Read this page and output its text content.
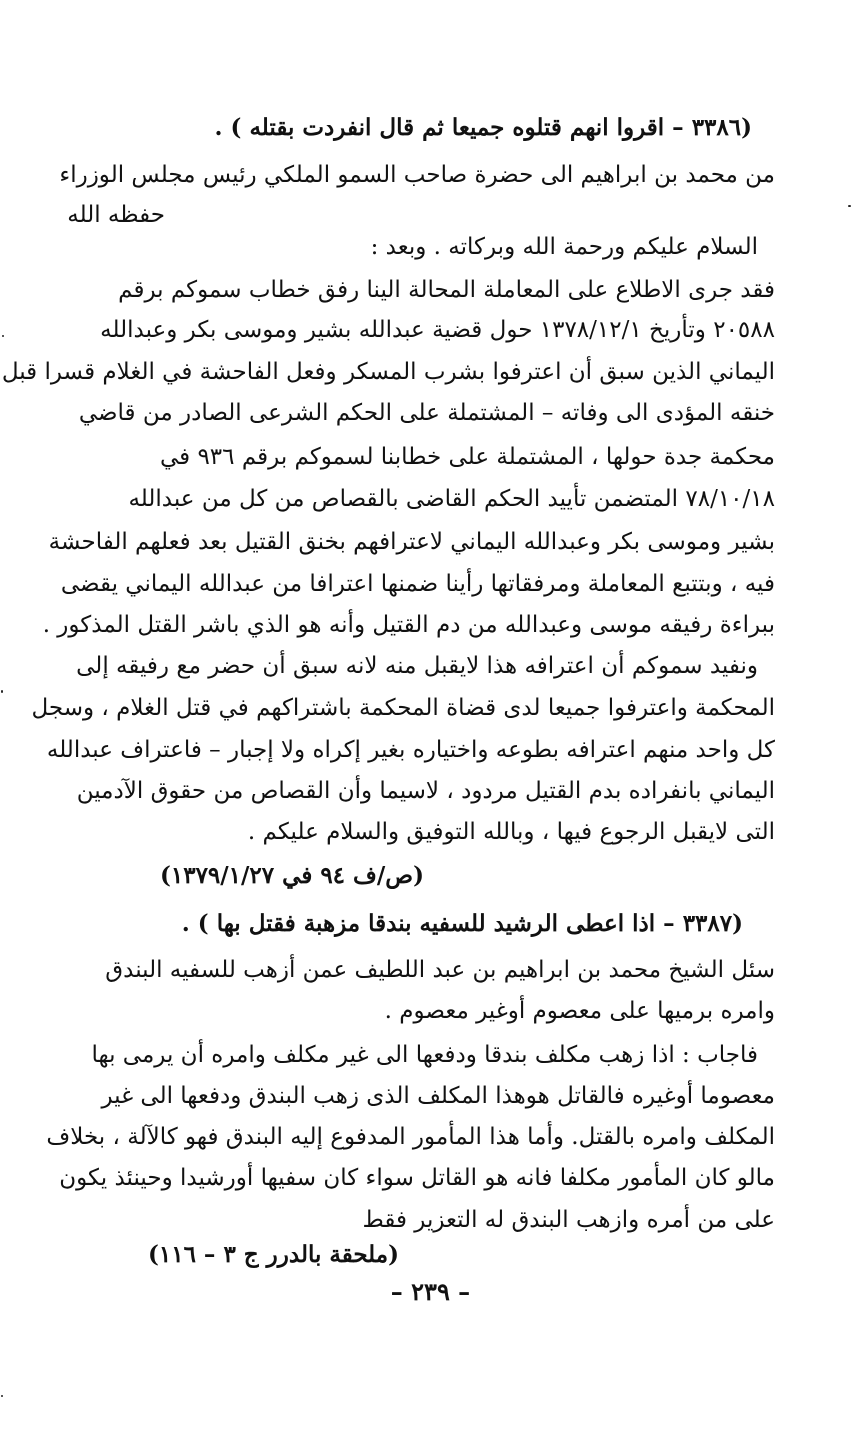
(٣٣٨٦ – اقروا انهم قتلوه جميعا ثم قال انفردت بقتله ) .
من محمد بن ابراهيم الى حضرة صاحب السمو الملكي رئيس مجلس الوزراء
حفظه الله
السلام عليكم ورحمة الله وبركاته . وبعد :
فقد جرى الاطلاع على المعاملة المحالة الينا رفق خطاب سموكم برقم
٢٠٥٨٨ وتأريخ ١٣٧٨/١٢/١ حول قضية عبدالله بشير وموسى بكر وعبدالله
اليماني الذين سبق أن اعترفوا بشرب المسكر وفعل الفاحشة في الغلام قسرا قبل
خنقه المؤدى الى وفاته – المشتملة على الحكم الشرعى الصادر من قاضي
محكمة جدة حولها ، المشتملة على خطابنا لسموكم برقم ٩٣٦ في
٧٨/١٠/١٨ المتضمن تأييد الحكم القاضى بالقصاص من كل من عبدالله
بشير وموسى بكر وعبدالله اليماني لاعترافهم بخنق القتيل بعد فعلهم الفاحشة
فيه ، وبتتبع المعاملة ومرفقاتها رأينا ضمنها اعترافا من عبدالله اليماني يقضى
ببراءة رفيقه موسى وعبدالله من دم القتيل وأنه هو الذي باشر القتل المذكور .
ونفيد سموكم أن اعترافه هذا لايقبل منه لانه سبق أن حضر مع رفيقه إلى
المحكمة واعترفوا جميعا لدى قضاة المحكمة باشتراكهم في قتل الغلام ، وسجل
كل واحد منهم اعترافه بطوعه واختياره بغير إكراه ولا إجبار – فاعتراف عبدالله
اليماني بانفراده بدم القتيل مردود ، لاسيما وأن القصاص من حقوق الآدمين
التى لايقبل الرجوع فيها ، وبالله التوفيق والسلام عليكم .
(ص/ف ٩٤ في ١٣٧٩/١/٢٧)
(٣٣٨٧ – اذا اعطى الرشيد للسفيه بندقا مزهبة فقتل بها ) .
سئل الشيخ محمد بن ابراهيم بن عبد اللطيف عمن أزهب للسفيه البندق
وامره برميها على معصوم أوغير معصوم .
فاجاب : اذا زهب مكلف بندقا ودفعها الى غير مكلف وامره أن يرمى بها
معصوما أوغيره فالقاتل هوهذا المكلف الذى زهب البندق ودفعها الى غير
المكلف وامره بالقتل. وأما هذا المأمور المدفوع إليه البندق فهو كالآلة ، بخلاف
مالو كان المأمور مكلفا فانه هو القاتل سواء كان سفيها أورشيدا وحينئذ يكون
على من أمره وازهب البندق له التعزير فقط
(ملحقة بالدرر ج ٣ – ١١٦)
– ٢٣٩ –
